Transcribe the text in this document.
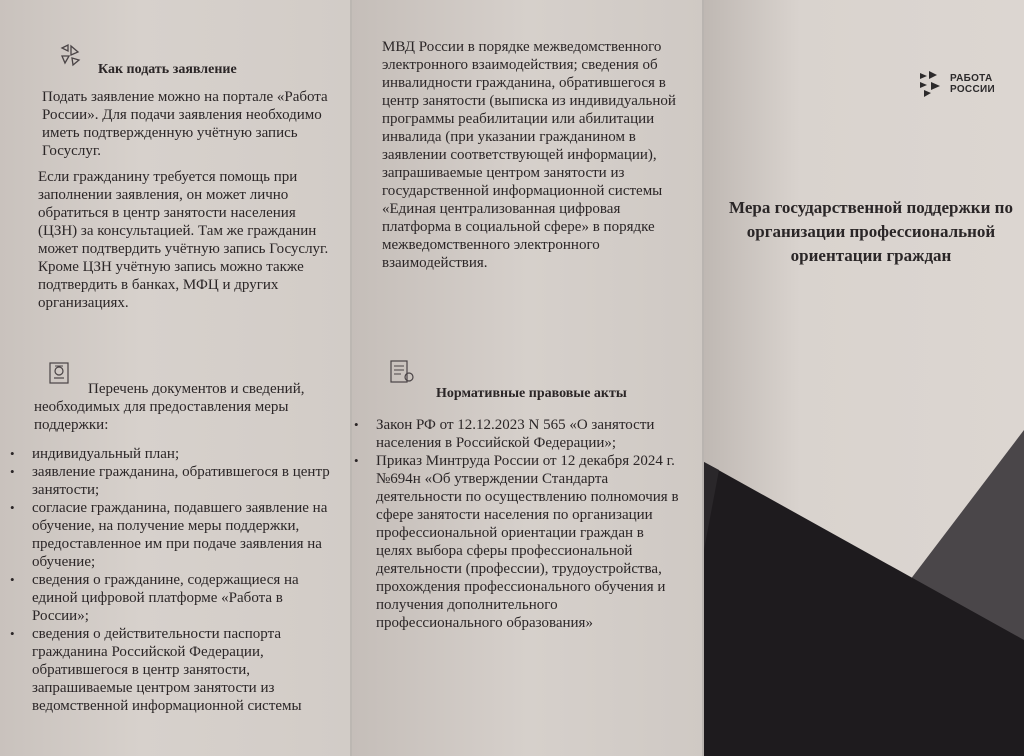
Как подать заявление

Подать заявление можно на портале «Работа России». Для подачи заявления необходимо иметь подтвержденную учётную запись Госуслуг.

Если гражданину требуется помощь при заполнении заявления, он может лично обратиться в центр занятости населения (ЦЗН) за консультацией. Там же гражданин может подтвердить учётную запись Госуслуг. Кроме ЦЗН учётную запись можно также подтвердить в банках, МФЦ и других организациях.

Перечень документов и сведений, необходимых для предоставления меры поддержки:

• индивидуальный план;
• заявление гражданина, обратившегося в центр занятости;
• согласие гражданина, подавшего заявление на обучение, на получение меры поддержки, предоставленное им при подаче заявления на обучение;
• сведения о гражданине, содержащиеся на единой цифровой платформе «Работа в России»;
• сведения о действительности паспорта гражданина Российской Федерации, обратившегося в центр занятости, запрашиваемые центром занятости из ведомственной информационной системы

МВД России в порядке межведомственного электронного взаимодействия; сведения об инвалидности гражданина, обратившегося в центр занятости (выписка из индивидуальной программы реабилитации или абилитации инвалида (при указании гражданином в заявлении соответствующей информации), запрашиваемые центром занятости из государственной информационной системы «Единая централизованная цифровая платформа в социальной сфере» в порядке межведомственного электронного взаимодействия.

Нормативные правовые акты
• Закон РФ от 12.12.2023 N 565 «О занятости населения в Российской Федерации»;
• Приказ Минтруда России от 12 декабря 2024 г. №694н «Об утверждении Стандарта деятельности по осуществлению полномочия в сфере занятости населения по организации профессиональной ориентации граждан в целях выбора сферы профессиональной деятельности (профессии), трудоустройства, прохождения профессионального обучения и получения дополнительного профессионального образования»
РАБОТА
РОССИИ
Мера государственной поддержки по организации профессиональной ориентации граждан
